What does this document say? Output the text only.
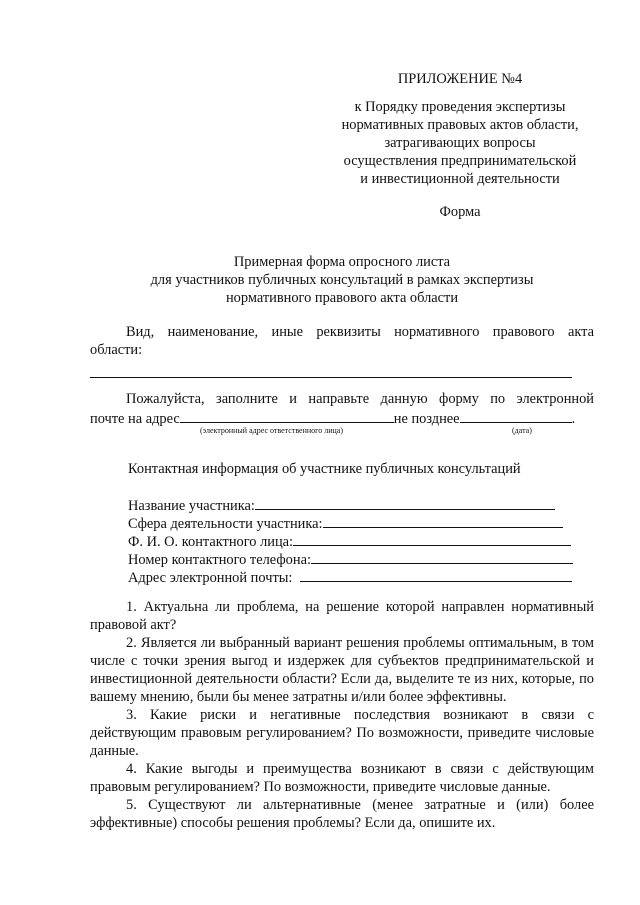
ПРИЛОЖЕНИЕ №4
к Порядку проведения экспертизы
нормативных правовых актов области,
затрагивающих вопросы
осуществления предпринимательской
и инвестиционной деятельности
Форма
Примерная форма опросного листа
для участников публичных консультаций в рамках экспертизы
нормативного правового акта области
Вид, наименование, иные реквизиты нормативного правового акта
области:
Пожалуйста, заполните и направьте данную форму по электронной
почте на адрес	не позднее	.
(электронный адрес ответственного лица)	(дата)
Контактная информация об участнике публичных консультаций
Название участника:
Сфера деятельности участника:
Ф. И. О. контактного лица:
Номер контактного телефона:
Адрес электронной почты:

1. Актуальна ли проблема, на решение которой направлен нормативный правовой акт?

2. Является ли выбранный вариант решения проблемы оптимальным, в том числе с точки зрения выгод и издержек для субъектов предпринимательской и инвестиционной деятельности области? Если да, выделите те из них, которые, по вашему мнению, были бы менее затратны и/или более эффективны.

3. Какие риски и негативные последствия возникают в связи с действующим правовым регулированием? По возможности, приведите числовые данные.

4. Какие выгоды и преимущества возникают в связи с действующим правовым регулированием? По возможности, приведите числовые данные.

5. Существуют ли альтернативные (менее затратные и (или) более эффективные) способы решения проблемы? Если да, опишите их.
